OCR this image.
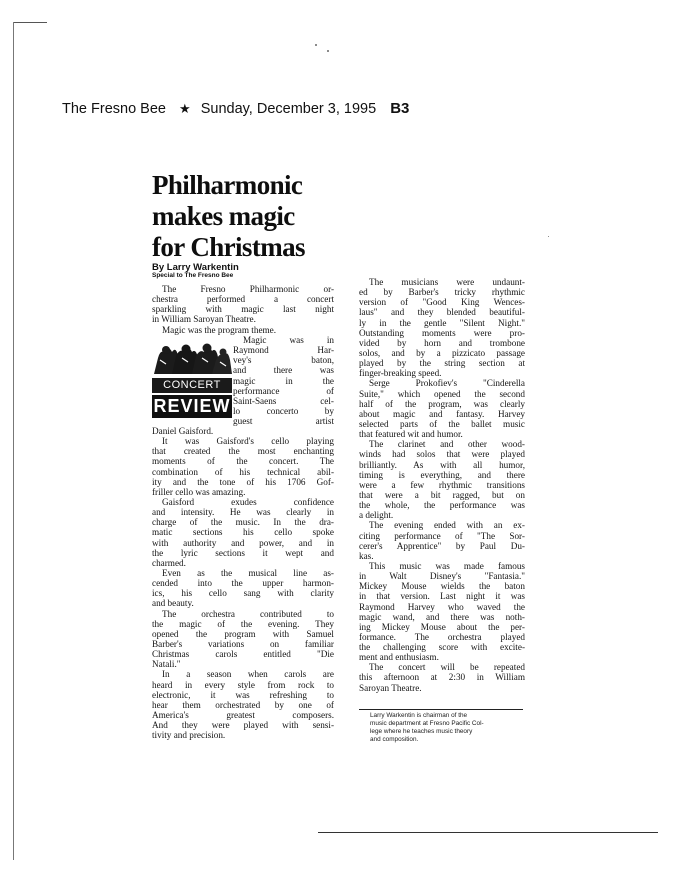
The Fresno Bee ★ Sunday, December 3, 1995 B3
Philharmonic
makes magic
for Christmas
By Larry Warkentin
Special to The Fresno Bee
The Fresno Philharmonic or-
chestra performed a concert
sparkling with magic last night
in William Saroyan Theatre.
Magic was the program theme.
CONCERT
REVIEW
Magic was in
Raymond Har-
vey's baton,
and there was
magic in the
performance of
Saint-Saens cel-
lo concerto by
guest artist
Daniel Gaisford.
It was Gaisford's cello playing
that created the most enchanting
moments of the concert. The
combination of his technical abil-
ity and the tone of his 1706 Gof-
friller cello was amazing.
Gaisford exudes confidence
and intensity. He was clearly in
charge of the music. In the dra-
matic sections his cello spoke
with authority and power, and in
the lyric sections it wept and
charmed.
Even as the musical line as-
cended into the upper harmon-
ics, his cello sang with clarity
and beauty.
The orchestra contributed to
the magic of the evening. They
opened the program with Samuel
Barber's variations on familiar
Christmas carols entitled "Die
Natali."
In a season when carols are
heard in every style from rock to
electronic, it was refreshing to
hear them orchestrated by one of
America's greatest composers.
And they were played with sensi-
tivity and precision.
The musicians were undaunt-
ed by Barber's tricky rhythmic
version of "Good King Wences-
laus" and they blended beautiful-
ly in the gentle "Silent Night."
Outstanding moments were pro-
vided by horn and trombone
solos, and by a pizzicato passage
played by the string section at
finger-breaking speed.
Serge Prokofiev's "Cinderella
Suite," which opened the second
half of the program, was clearly
about magic and fantasy. Harvey
selected parts of the ballet music
that featured wit and humor.
The clarinet and other wood-
winds had solos that were played
brilliantly. As with all humor,
timing is everything, and there
were a few rhythmic transitions
that were a bit ragged, but on
the whole, the performance was
a delight.
The evening ended with an ex-
citing performance of "The Sor-
cerer's Apprentice" by Paul Du-
kas.
This music was made famous
in Walt Disney's "Fantasia."
Mickey Mouse wields the baton
in that version. Last night it was
Raymond Harvey who waved the
magic wand, and there was noth-
ing Mickey Mouse about the per-
formance. The orchestra played
the challenging score with excite-
ment and enthusiasm.
The concert will be repeated
this afternoon at 2:30 in William
Saroyan Theatre.
Larry Warkentin is chairman of the
music department at Fresno Pacific Col-
lege where he teaches music theory
and composition.
